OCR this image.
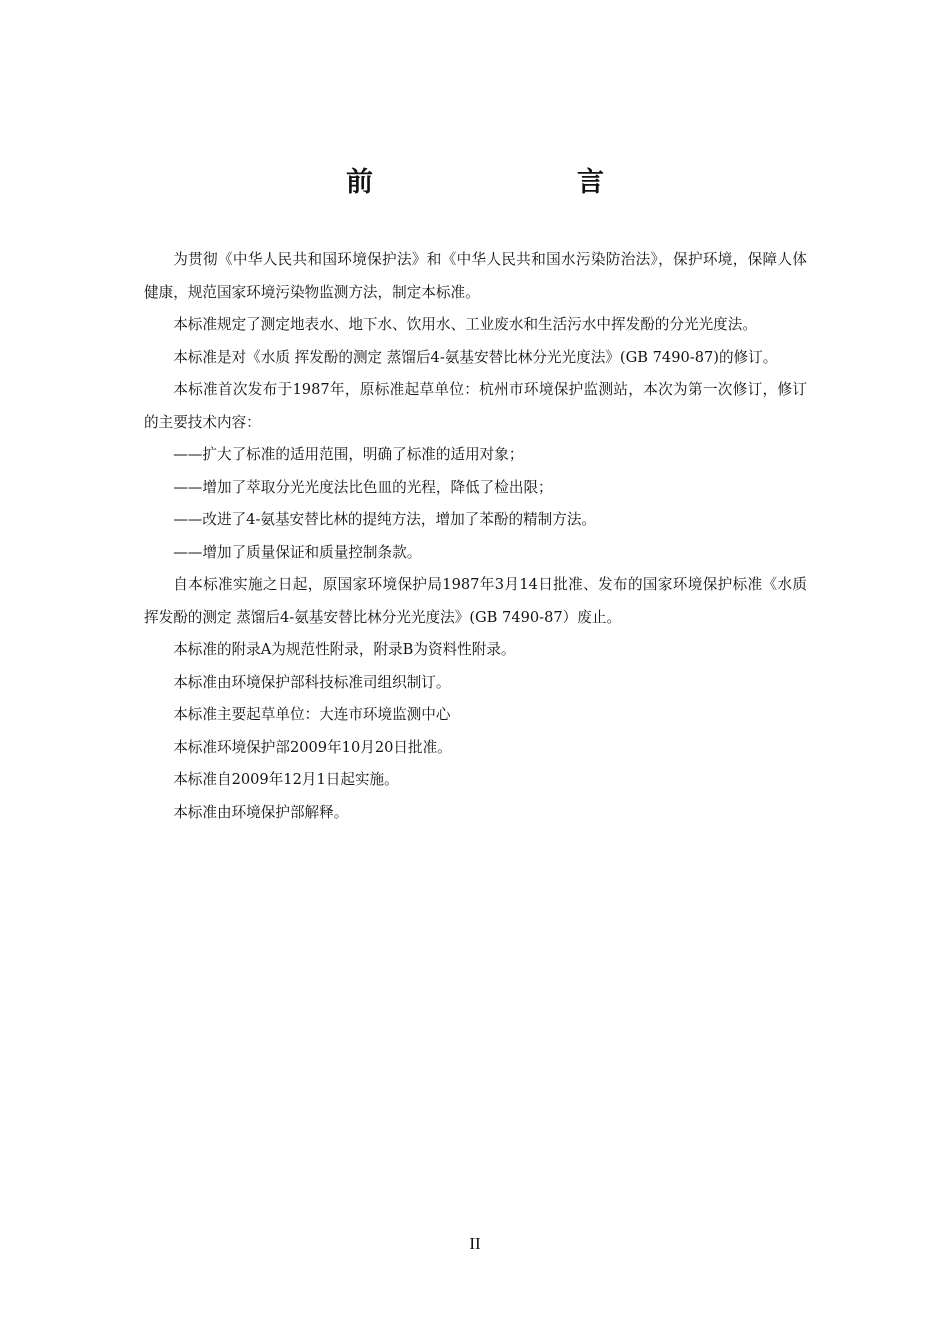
前　　言

为贯彻《中华人民共和国环境保护法》和《中华人民共和国水污染防治法》，保护环境，保障人体健康，规范国家环境污染物监测方法，制定本标准。

本标准规定了测定地表水、地下水、饮用水、工业废水和生活污水中挥发酚的分光光度法。

本标准是对《水质 挥发酚的测定 蒸馏后4-氨基安替比林分光光度法》(GB 7490-87)的修订。

本标准首次发布于1987年，原标准起草单位：杭州市环境保护监测站，本次为第一次修订，修订的主要技术内容：

——扩大了标准的适用范围，明确了标准的适用对象；

——增加了萃取分光光度法比色皿的光程，降低了检出限；

——改进了4-氨基安替比林的提纯方法，增加了苯酚的精制方法。

——增加了质量保证和质量控制条款。

自本标准实施之日起，原国家环境保护局1987年3月14日批准、发布的国家环境保护标准《水质 挥发酚的测定 蒸馏后4-氨基安替比林分光光度法》(GB 7490-87）废止。

本标准的附录A为规范性附录，附录B为资料性附录。

本标准由环境保护部科技标准司组织制订。

本标准主要起草单位：大连市环境监测中心

本标准环境保护部2009年10月20日批准。

本标准自2009年12月1日起实施。

本标准由环境保护部解释。

II
